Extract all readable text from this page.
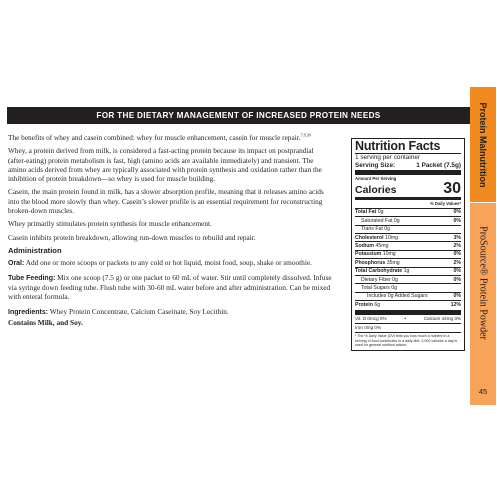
FOR THE DIETARY MANAGEMENT OF INCREASED PROTEIN NEEDS	Protein Malnutrition
ProSource® Protein Powder
45

The benefits of whey and casein combined: whey for muscle enhancement, casein for muscle repair.$^{7,8,38}$

Whey, a protein derived from milk, is considered a fast-acting protein because its impact on postprandial (after-eating) protein metabolism is fast, high (amino acids are available immediately) and transient. The amino acids derived from whey are typically associated with protein synthesis and oxidation rather than the inhibition of protein breakdown—so whey is used for muscle building.

Casein, the main protein found in milk, has a slower absorption profile, meaning that it releases amino acids into the blood more slowly than whey. Casein’s slower profile is an essential requirement for reconstructing broken-down muscles.

Whey primarily stimulates protein synthesis for muscle enhancement.

Casein inhibits protein breakdown, allowing run-down muscles to rebuild and repair.

Administration

Oral: Add one or more scoops or packets to any cold or hot liquid, moist food, soup, shake or smoothie.

Tube Feeding: Mix one scoop (7.5 g) or one packet to 60 mL of water. Stir until completely dissolved. Infuse via syringe down feeding tube. Flush tube with 30-60 mL water before and after administration. Can be mixed with enteral formula.

Ingredients: Whey Protein Concentrate, Calcium Caseinate, Soy Lecithin.

Contains Milk, and Soy.

Nutrition Facts
1 serving per container
Serving Size:	1 Packet (7.5g)
Amount Per Serving
Calories	30
% Daily Values*
Total Fat 0g	0%
Saturated Fat 0g	0%
Trans Fat 0g
Cholesterol 10mg	3%
Sodium 45mg	2%
Potassium 10mg	0%
Phosphorus 35mg	2%
Total Carbohydrate 1g	0%
Dietary Fiber 0g	0%
Total Sugars 0g
Includes 0g Added Sugars	0%
Protein 6g	12%
Vit. D 0mcg 0%	•	Calcium 44mg 3%
Iron 0mg 0%
* The % Daily Value (DV) tells you how much a nutrient in a serving of food contributes to a daily diet. 2,000 calories a day is used for general nutrition advice.
